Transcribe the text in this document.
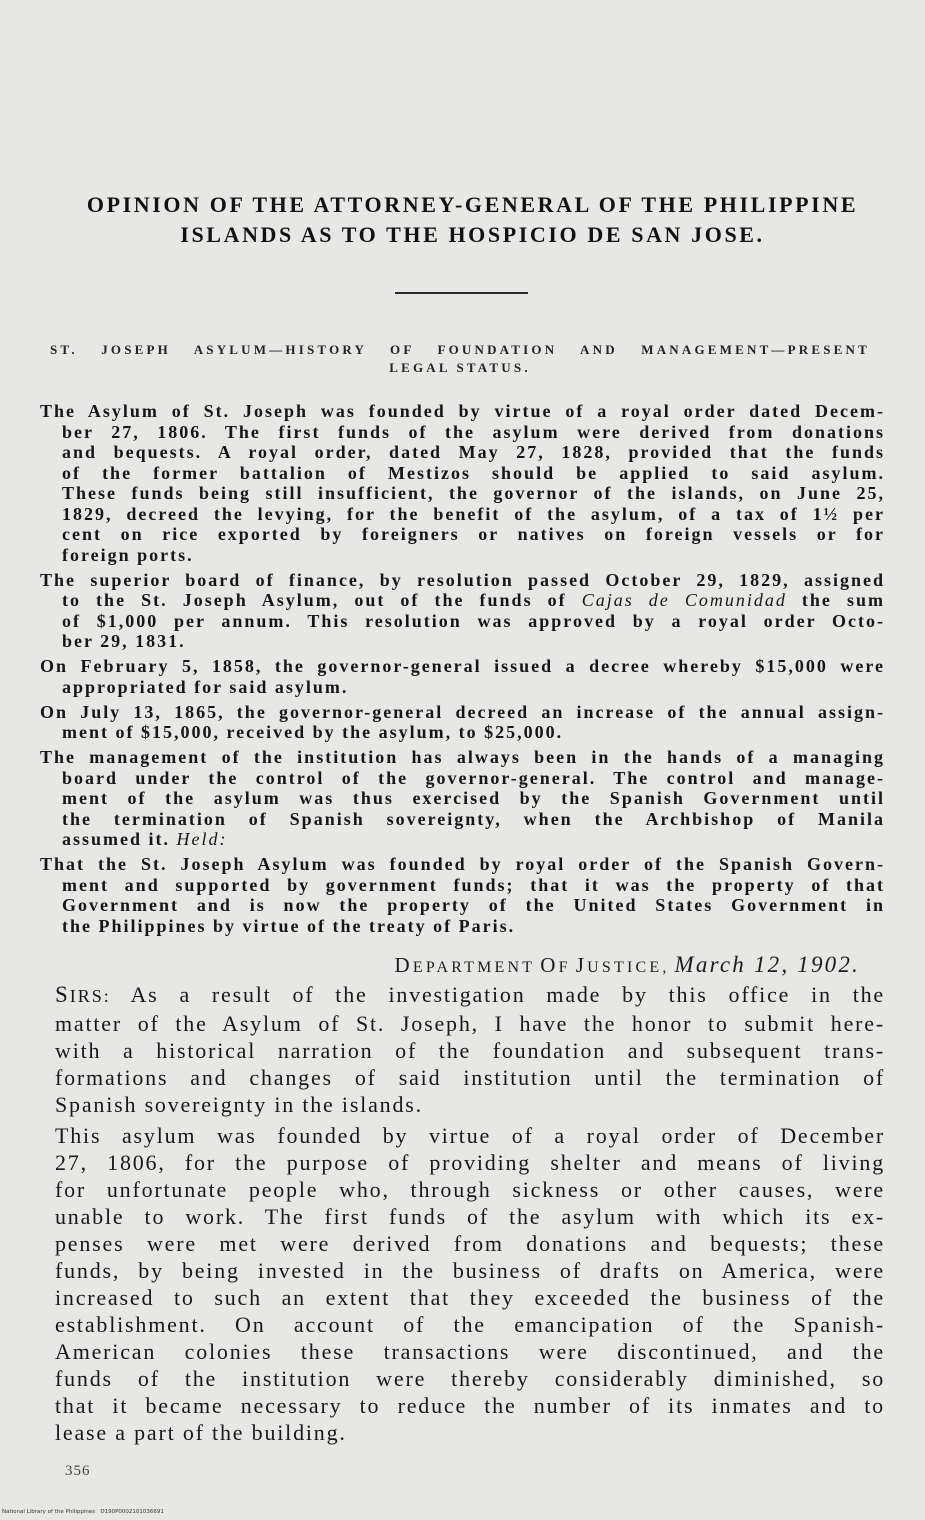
OPINION OF THE ATTORNEY-GENERAL OF THE PHILIPPINE
ISLANDS AS TO THE HOSPICIO DE SAN JOSE.
ST. JOSEPH ASYLUM—HISTORY OF FOUNDATION AND MANAGEMENT—PRESENT
LEGAL STATUS.
The Asylum of St. Joseph was founded by virtue of a royal order dated Decem-
ber 27, 1806. The first funds of the asylum were derived from donations
and bequests. A royal order, dated May 27, 1828, provided that the funds
of the former battalion of Mestizos should be applied to said asylum.
These funds being still insufficient, the governor of the islands, on June 25,
1829, decreed the levying, for the benefit of the asylum, of a tax of 1½ per
cent on rice exported by foreigners or natives on foreign vessels or for
foreign ports.
The superior board of finance, by resolution passed October 29, 1829, assigned
to the St. Joseph Asylum, out of the funds of Cajas de Comunidad the sum
of $1,000 per annum. This resolution was approved by a royal order Octo-
ber 29, 1831.
On February 5, 1858, the governor-general issued a decree whereby $15,000 were
appropriated for said asylum.
On July 13, 1865, the governor-general decreed an increase of the annual assign-
ment of $15,000, received by the asylum, to $25,000.
The management of the institution has always been in the hands of a managing
board under the control of the governor-general. The control and manage-
ment of the asylum was thus exercised by the Spanish Government until
the termination of Spanish sovereignty, when the Archbishop of Manila
assumed it. Held:
That the St. Joseph Asylum was founded by royal order of the Spanish Govern-
ment and supported by government funds; that it was the property of that
Government and is now the property of the United States Government in
the Philippines by virtue of the treaty of Paris.
DEPARTMENT OF JUSTICE, March 12, 1902.
SIRS: As a result of the investigation made by this office in the
matter of the Asylum of St. Joseph, I have the honor to submit here-
with a historical narration of the foundation and subsequent trans-
formations and changes of said institution until the termination of
Spanish sovereignty in the islands.
This asylum was founded by virtue of a royal order of December
27, 1806, for the purpose of providing shelter and means of living
for unfortunate people who, through sickness or other causes, were
unable to work. The first funds of the asylum with which its ex-
penses were met were derived from donations and bequests; these
funds, by being invested in the business of drafts on America, were
increased to such an extent that they exceeded the business of the
establishment. On account of the emancipation of the Spanish-
American colonies these transactions were discontinued, and the
funds of the institution were thereby considerably diminished, so
that it became necessary to reduce the number of its inmates and to
lease a part of the building.
356
National Library of the Philippines   D190P0002101036691
